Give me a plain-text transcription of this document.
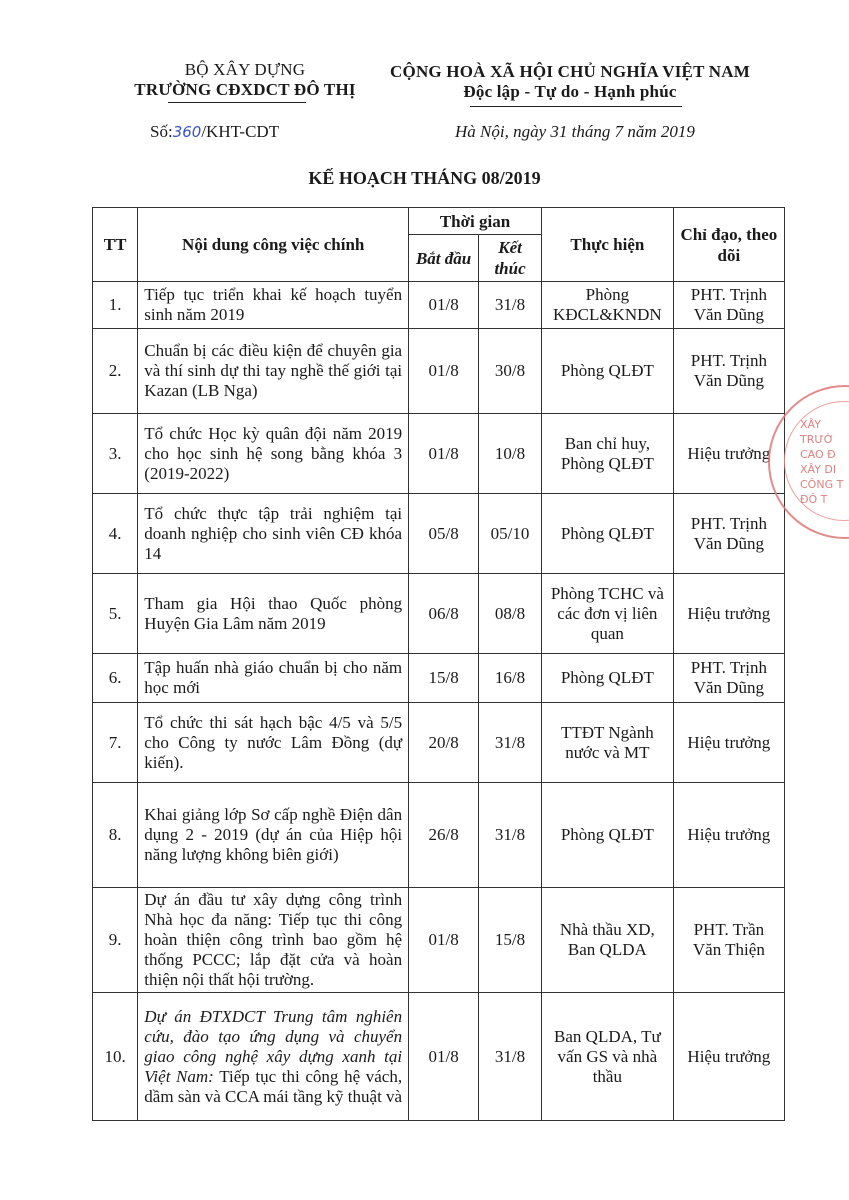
BỘ XÂY DỰNG
TRƯỜNG CĐXDCT ĐÔ THỊ
CỘNG HOÀ XÃ HỘI CHỦ NGHĨA VIỆT NAM
Độc lập - Tự do - Hạnh phúc
Số:360/KHT-CDT	Hà Nội, ngày 31 tháng 7 năm 2019
KẾ HOẠCH THÁNG 08/2019
TT	Nội dung công việc chính	Thời gian		Thực hiện	Chỉ đạo, theo dõi
		Bắt đầu	Kết thúc		
1.	Tiếp tục triển khai kế hoạch tuyển sinh năm 2019	01/8	31/8	Phòng KĐCL&KNDN	PHT. Trịnh Văn Dũng
2.	Chuẩn bị các điều kiện để chuyên gia và thí sinh dự thi tay nghề thế giới tại Kazan (LB Nga)	01/8	30/8	Phòng QLĐT	PHT. Trịnh Văn Dũng
3.	Tổ chức Học kỳ quân đội năm 2019 cho học sinh hệ song bằng khóa 3 (2019-2022)	01/8	10/8	Ban chỉ huy, Phòng QLĐT	Hiệu trưởng
4.	Tổ chức thực tập trải nghiệm tại doanh nghiệp cho sinh viên CĐ khóa 14	05/8	05/10	Phòng QLĐT	PHT. Trịnh Văn Dũng
5.	Tham gia Hội thao Quốc phòng Huyện Gia Lâm năm 2019	06/8	08/8	Phòng TCHC và các đơn vị liên quan	Hiệu trưởng
6.	Tập huấn nhà giáo chuẩn bị cho năm học mới	15/8	16/8	Phòng QLĐT	PHT. Trịnh Văn Dũng
7.	Tổ chức thi sát hạch bậc 4/5 và 5/5 cho Công ty nước Lâm Đồng (dự kiến).	20/8	31/8	TTĐT Ngành nước và MT	Hiệu trưởng
8.	Khai giảng lớp Sơ cấp nghề Điện dân dụng 2 - 2019 (dự án của Hiệp hội năng lượng không biên giới)	26/8	31/8	Phòng QLĐT	Hiệu trưởng
9.	Dự án đầu tư xây dựng công trình Nhà học đa năng: Tiếp tục thi công hoàn thiện công trình bao gồm hệ thống PCCC; lắp đặt cửa và hoàn thiện nội thất hội trường.	01/8	15/8	Nhà thầu XD, Ban QLDA	PHT. Trần Văn Thiện
10.	Dự án ĐTXDCT Trung tâm nghiên cứu, đào tạo ứng dụng và chuyển giao công nghệ xây dựng xanh tại Việt Nam: Tiếp tục thi công hệ vách, dầm sàn và CCA mái tầng kỹ thuật và	01/8	31/8	Ban QLDA, Tư vấn GS và nhà thầu	Hiệu trưởng
XÂY
TRƯỜ
CAO Đ
XÂY DI
CÔNG T
ĐÔ T
